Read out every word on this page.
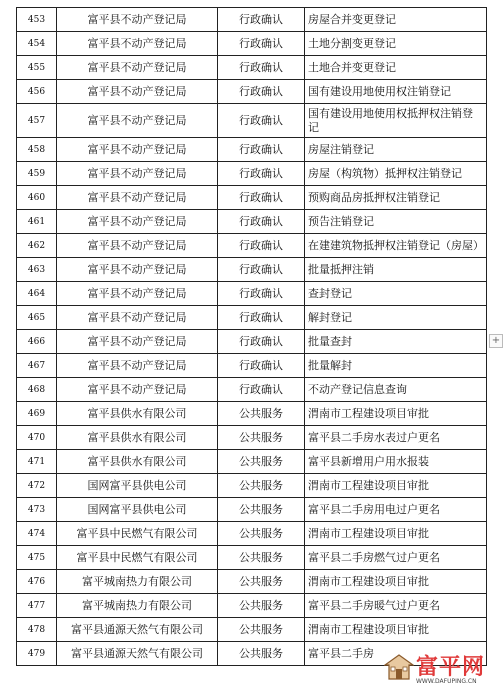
453	富平县不动产登记局	行政确认	房屋合并变更登记
454	富平县不动产登记局	行政确认	土地分割变更登记
455	富平县不动产登记局	行政确认	土地合并变更登记
456	富平县不动产登记局	行政确认	国有建设用地使用权注销登记
457	富平县不动产登记局	行政确认	国有建设用地使用权抵押权注销登记
458	富平县不动产登记局	行政确认	房屋注销登记
459	富平县不动产登记局	行政确认	房屋（构筑物）抵押权注销登记
460	富平县不动产登记局	行政确认	预购商品房抵押权注销登记
461	富平县不动产登记局	行政确认	预告注销登记
462	富平县不动产登记局	行政确认	在建建筑物抵押权注销登记（房屋）
463	富平县不动产登记局	行政确认	批量抵押注销
464	富平县不动产登记局	行政确认	查封登记
465	富平县不动产登记局	行政确认	解封登记
466	富平县不动产登记局	行政确认	批量查封
467	富平县不动产登记局	行政确认	批量解封
468	富平县不动产登记局	行政确认	不动产登记信息查询
469	富平县供水有限公司	公共服务	渭南市工程建设项目审批
470	富平县供水有限公司	公共服务	富平县二手房水表过户更名
471	富平县供水有限公司	公共服务	富平县新增用户用水报装
472	国网富平县供电公司	公共服务	渭南市工程建设项目审批
473	国网富平县供电公司	公共服务	富平县二手房用电过户更名
474	富平县中民燃气有限公司	公共服务	渭南市工程建设项目审批
475	富平县中民燃气有限公司	公共服务	富平县二手房燃气过户更名
476	富平城南热力有限公司	公共服务	渭南市工程建设项目审批
477	富平城南热力有限公司	公共服务	富平县二手房暖气过户更名
478	富平县通源天然气有限公司	公共服务	渭南市工程建设项目审批
479	富平县通源天然气有限公司	公共服务	富平县二手房
+
富平网
WWW.DAFUPING.CN
